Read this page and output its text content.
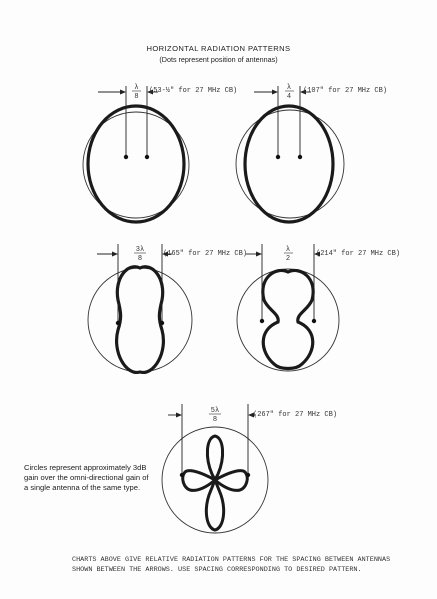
HORIZONTAL RADIATION PATTERNS
(Dots represent position of antennas)
λ
8
λ
4
3λ
8
λ
2
5λ
8
(53-½" for 27 MHz CB)	(107" for 27 MHz CB)
(165" for 27 MHz CB)	(214" for 27 MHz CB)
(267" for 27 MHz CB)
Circles represent approximately 3dB gain over the omni-directional gain of a single antenna of the same type.
CHARTS ABOVE GIVE RELATIVE RADIATION PATTERNS FOR THE SPACING BETWEEN ANTENNAS SHOWN BETWEEN THE ARROWS. USE SPACING CORRESPONDING TO DESIRED PATTERN.
